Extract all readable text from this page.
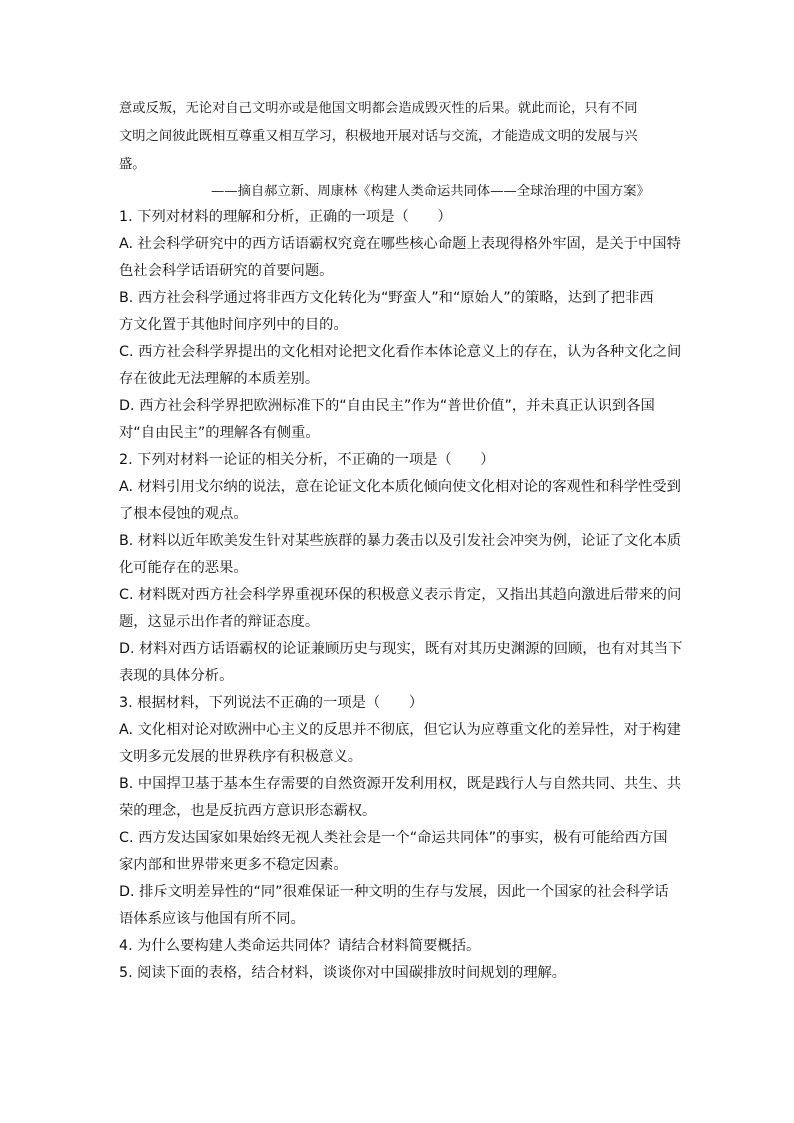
意或反叛，无论对自己文明亦或是他国文明都会造成毁灭性的后果。就此而论，只有不同
文明之间彼此既相互尊重又相互学习，积极地开展对话与交流，才能造成文明的发展与兴
盛。
——摘自郝立新、周康林《构建人类命运共同体——全球治理的中国方案》
1. 下列对材料的理解和分析，正确的一项是（　　）
A. 社会科学研究中的西方话语霸权究竟在哪些核心命题上表现得格外牢固，是关于中国特
色社会科学话语研究的首要问题。
B. 西方社会科学通过将非西方文化转化为“野蛮人”和“原始人”的策略，达到了把非西
方文化置于其他时间序列中的目的。
C. 西方社会科学界提出的文化相对论把文化看作本体论意义上的存在，认为各种文化之间
存在彼此无法理解的本质差别。
D. 西方社会科学界把欧洲标准下的“自由民主”作为“普世价值”，并未真正认识到各国
对“自由民主”的理解各有侧重。
2. 下列对材料一论证的相关分析，不正确的一项是（　　）
A. 材料引用戈尔纳的说法，意在论证文化本质化倾向使文化相对论的客观性和科学性受到
了根本侵蚀的观点。
B. 材料以近年欧美发生针对某些族群的暴力袭击以及引发社会冲突为例，论证了文化本质
化可能存在的恶果。
C. 材料既对西方社会科学界重视环保的积极意义表示肯定，又指出其趋向激进后带来的问
题，这显示出作者的辩证态度。
D. 材料对西方话语霸权的论证兼顾历史与现实，既有对其历史渊源的回顾，也有对其当下
表现的具体分析。
3. 根据材料，下列说法不正确的一项是（　　）
A. 文化相对论对欧洲中心主义的反思并不彻底，但它认为应尊重文化的差异性，对于构建
文明多元发展的世界秩序有积极意义。
B. 中国捍卫基于基本生存需要的自然资源开发利用权，既是践行人与自然共同、共生、共
荣的理念，也是反抗西方意识形态霸权。
C. 西方发达国家如果始终无视人类社会是一个“命运共同体”的事实，极有可能给西方国
家内部和世界带来更多不稳定因素。
D. 排斥文明差异性的“同”很难保证一种文明的生存与发展，因此一个国家的社会科学话
语体系应该与他国有所不同。
4. 为什么要构建人类命运共同体？请结合材料简要概括。
5. 阅读下面的表格，结合材料，谈谈你对中国碳排放时间规划的理解。
